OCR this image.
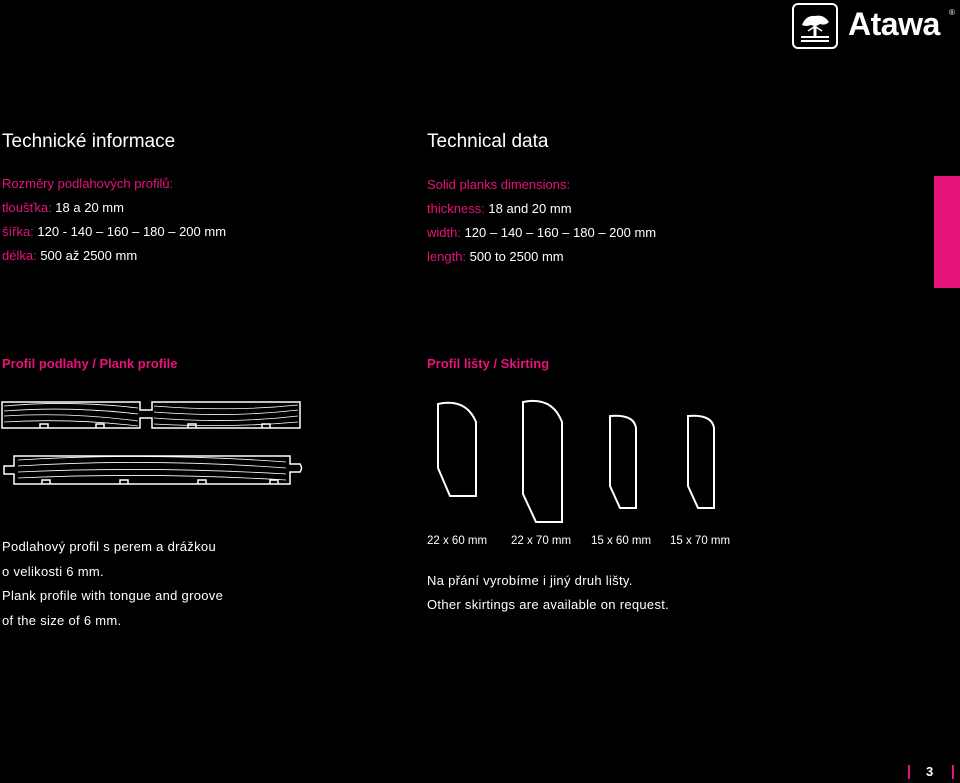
Atawa ®
Technické informace
Rozměry podlahových profilů:
tloušťka: 18 a 20 mm
šířka: 120 - 140 – 160 – 180 – 200 mm
délka: 500 až 2500 mm
Technical data
Solid planks dimensions:
thickness: 18 and 20 mm
width: 120 – 140 – 160 – 180 – 200 mm
length: 500 to 2500 mm
Profil podlahy / Plank profile	Profil lišty / Skirting
Podlahový profil s perem a drážkou
o velikosti 6 mm.
Plank profile with tongue and groove
of the size of 6 mm.
22 x 60 mm 22 x 70 mm 15 x 60 mm 15 x 70 mm
Na přání vyrobíme i jiný druh lišty.
Other skirtings are available on request.
3
